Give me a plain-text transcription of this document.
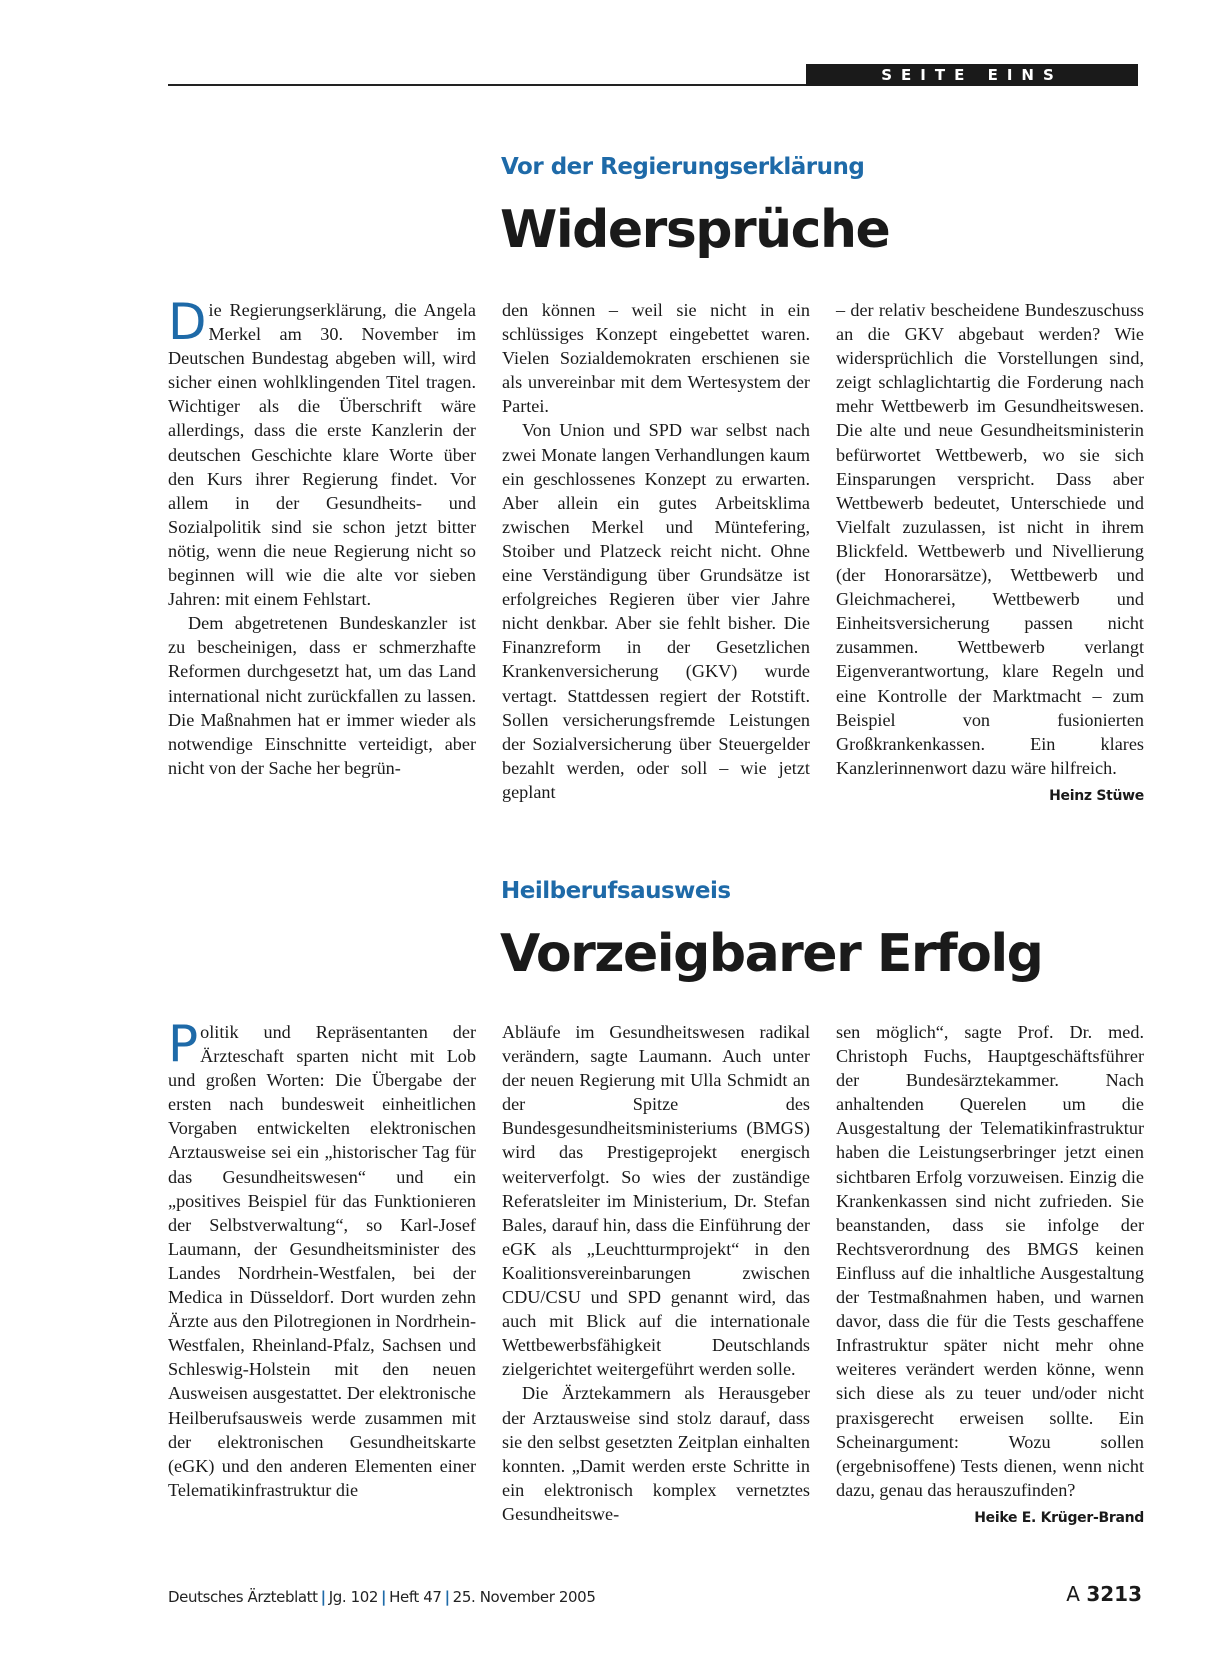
SEITE EINS
Vor der Regierungserklärung
Widersprüche

Die Regierungserklärung, die Angela Merkel am 30. November im Deutschen Bundestag abgeben will, wird sicher einen wohlklingenden Titel tragen. Wichtiger als die Überschrift wäre allerdings, dass die erste Kanzlerin der deutschen Geschichte klare Worte über den Kurs ihrer Regierung findet. Vor allem in der Gesundheits- und Sozialpolitik sind sie schon jetzt bitter nötig, wenn die neue Regierung nicht so beginnen will wie die alte vor sieben Jahren: mit einem Fehlstart.

Dem abgetretenen Bundeskanzler ist zu bescheinigen, dass er schmerzhafte Reformen durchgesetzt hat, um das Land international nicht zurückfallen zu lassen. Die Maßnahmen hat er immer wieder als notwendige Einschnitte verteidigt, aber nicht von der Sache her begrün-

den können – weil sie nicht in ein schlüssiges Konzept eingebettet waren. Vielen Sozialdemokraten erschienen sie als unvereinbar mit dem Wertesystem der Partei.

Von Union und SPD war selbst nach zwei Monate langen Verhandlungen kaum ein geschlossenes Konzept zu erwarten. Aber allein ein gutes Arbeitsklima zwischen Merkel und Müntefering, Stoiber und Platzeck reicht nicht. Ohne eine Verständigung über Grundsätze ist erfolgreiches Regieren über vier Jahre nicht denkbar. Aber sie fehlt bisher. Die Finanzreform in der Gesetzlichen Krankenversicherung (GKV) wurde vertagt. Stattdessen regiert der Rotstift. Sollen versicherungsfremde Leistungen der Sozialversicherung über Steuergelder bezahlt werden, oder soll – wie jetzt geplant

– der relativ bescheidene Bundeszuschuss an die GKV abgebaut werden? Wie widersprüchlich die Vorstellungen sind, zeigt schlaglichtartig die Forderung nach mehr Wettbewerb im Gesundheitswesen. Die alte und neue Gesundheitsministerin befürwortet Wettbewerb, wo sie sich Einsparungen verspricht. Dass aber Wettbewerb bedeutet, Unterschiede und Vielfalt zuzulassen, ist nicht in ihrem Blickfeld. Wettbewerb und Nivellierung (der Honorarsätze), Wettbewerb und Gleichmacherei, Wettbewerb und Einheitsversicherung passen nicht zusammen. Wettbewerb verlangt Eigenverantwortung, klare Regeln und eine Kontrolle der Marktmacht – zum Beispiel von fusionierten Großkrankenkassen. Ein klares Kanzlerinnenwort dazu wäre hilfreich.
Heinz Stüwe

Heilberufsausweis
Vorzeigbarer Erfolg

Politik und Repräsentanten der Ärzteschaft sparten nicht mit Lob und großen Worten: Die Übergabe der ersten nach bundesweit einheitlichen Vorgaben entwickelten elektronischen Arztausweise sei ein „historischer Tag für das Gesundheitswesen“ und ein „positives Beispiel für das Funktionieren der Selbstverwaltung“, so Karl-Josef Laumann, der Gesundheitsminister des Landes Nordrhein-Westfalen, bei der Medica in Düsseldorf. Dort wurden zehn Ärzte aus den Pilotregionen in Nordrhein-Westfalen, Rheinland-Pfalz, Sachsen und Schleswig-Holstein mit den neuen Ausweisen ausgestattet. Der elektronische Heilberufsausweis werde zusammen mit der elektronischen Gesundheitskarte (eGK) und den anderen Elementen einer Telematikinfrastruktur die

Abläufe im Gesundheitswesen radikal verändern, sagte Laumann. Auch unter der neuen Regierung mit Ulla Schmidt an der Spitze des Bundesgesundheitsministeriums (BMGS) wird das Prestigeprojekt energisch weiterverfolgt. So wies der zuständige Referatsleiter im Ministerium, Dr. Stefan Bales, darauf hin, dass die Einführung der eGK als „Leuchtturmprojekt“ in den Koalitionsvereinbarungen zwischen CDU/CSU und SPD genannt wird, das auch mit Blick auf die internationale Wettbewerbsfähigkeit Deutschlands zielgerichtet weitergeführt werden solle.

Die Ärztekammern als Herausgeber der Arztausweise sind stolz darauf, dass sie den selbst gesetzten Zeitplan einhalten konnten. „Damit werden erste Schritte in ein elektronisch komplex vernetztes Gesundheitswe-

sen möglich“, sagte Prof. Dr. med. Christoph Fuchs, Hauptgeschäftsführer der Bundesärztekammer. Nach anhaltenden Querelen um die Ausgestaltung der Telematikinfrastruktur haben die Leistungserbringer jetzt einen sichtbaren Erfolg vorzuweisen. Einzig die Krankenkassen sind nicht zufrieden. Sie beanstanden, dass sie infolge der Rechtsverordnung des BMGS keinen Einfluss auf die inhaltliche Ausgestaltung der Testmaßnahmen haben, und warnen davor, dass die für die Tests geschaffene Infrastruktur später nicht mehr ohne weiteres verändert werden könne, wenn sich diese als zu teuer und/oder nicht praxisgerecht erweisen sollte. Ein Scheinargument: Wozu sollen (ergebnisoffene) Tests dienen, wenn nicht dazu, genau das herauszufinden?
Heike E. Krüger-Brand

Deutsches Ärzteblatt | Jg. 102 | Heft 47 | 25. November 2005	A 3213
